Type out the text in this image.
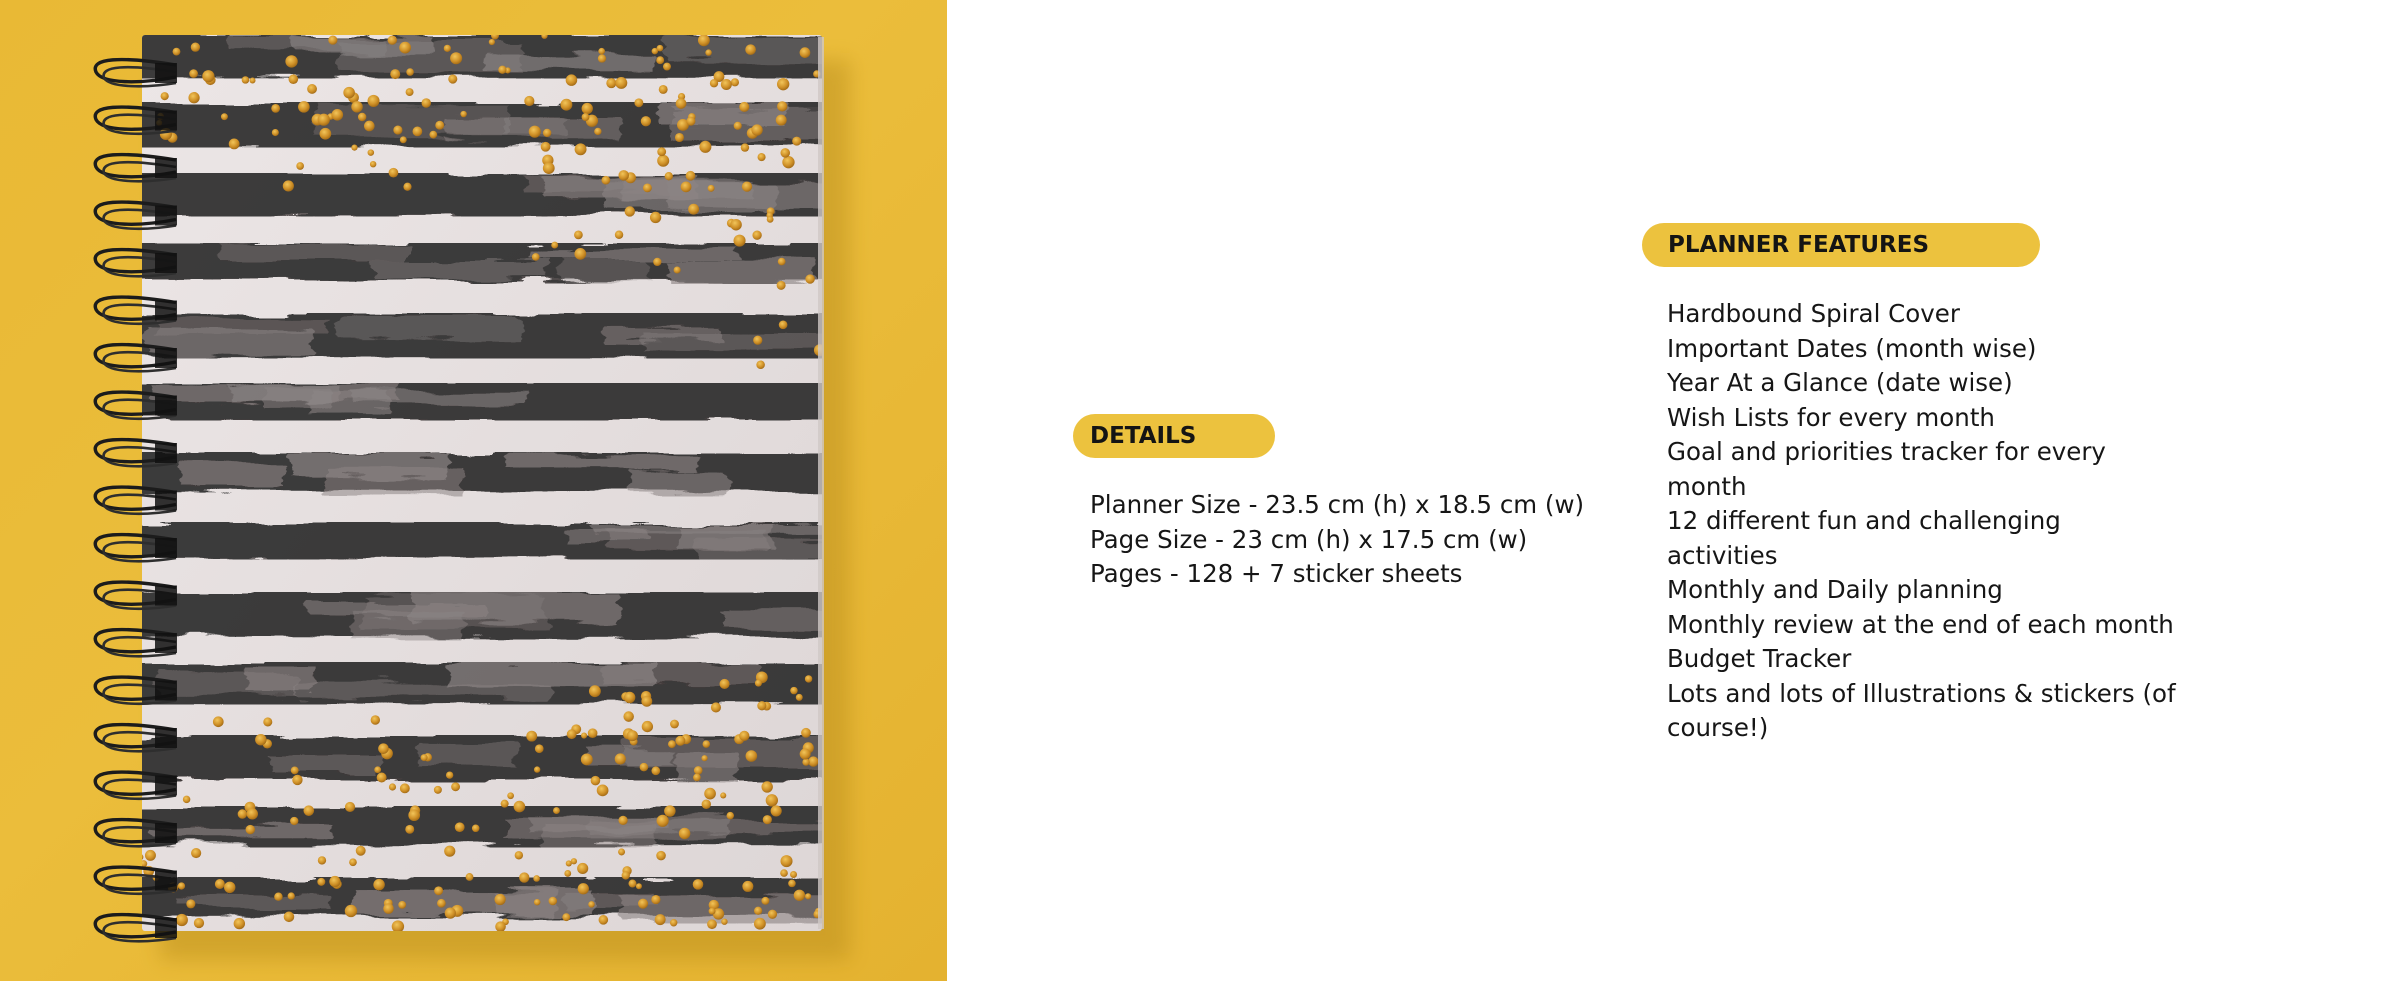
DETAILS
Planner Size - 23.5 cm (h) x 18.5 cm (w)
Page Size - 23 cm (h) x 17.5 cm (w)
Pages - 128 + 7 sticker sheets
PLANNER FEATURES
Hardbound Spiral Cover
Important Dates (month wise)
Year At a Glance (date wise)
Wish Lists for every month
Goal and priorities tracker for every month
12 different fun and challenging activities
Monthly and Daily planning
Monthly review at the end of each month
Budget Tracker
Lots and lots of Illustrations & stickers (of course!)
